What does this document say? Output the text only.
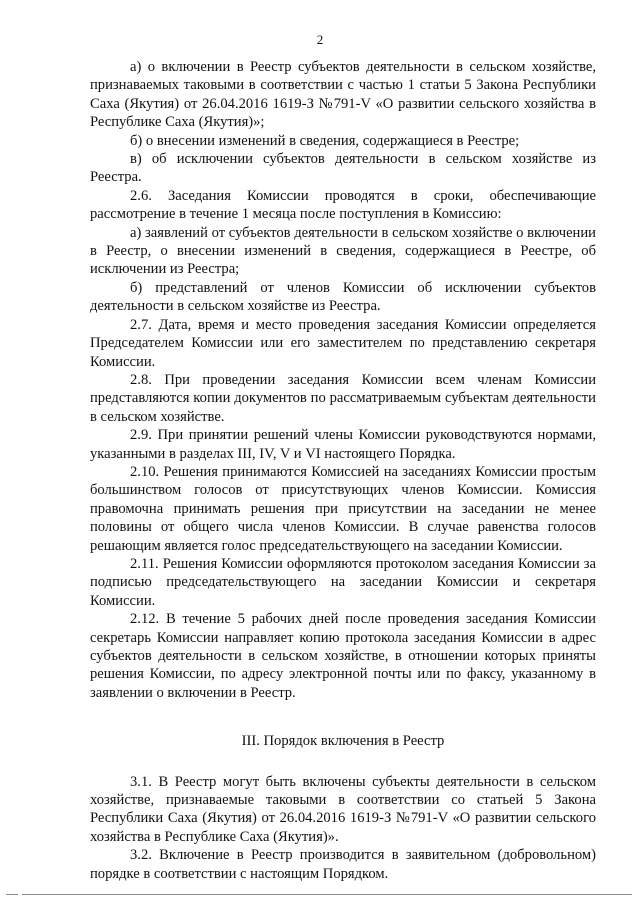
2

а) о включении в Реестр субъектов деятельности в сельском хозяйстве, признаваемых таковыми в соответствии с частью 1 статьи 5 Закона Республики Саха (Якутия) от 26.04.2016 1619-З №791-V «О развитии сельского хозяйства в Республике Саха (Якутия)»;

б) о внесении изменений в сведения, содержащиеся в Реестре;

в) об исключении субъектов деятельности в сельском хозяйстве из Реестра.

2.6. Заседания Комиссии проводятся в сроки, обеспечивающие рассмотрение в течение 1 месяца после поступления в Комиссию:

а) заявлений от субъектов деятельности в сельском хозяйстве о включении в Реестр, о внесении изменений в сведения, содержащиеся в Реестре, об исключении из Реестра;

б) представлений от членов Комиссии об исключении субъектов деятельности в сельском хозяйстве из Реестра.

2.7. Дата, время и место проведения заседания Комиссии определяется Председателем Комиссии или его заместителем по представлению секретаря Комиссии.

2.8. При проведении заседания Комиссии всем членам Комиссии представляются копии документов по рассматриваемым субъектам деятельности в сельском хозяйстве.

2.9. При принятии решений члены Комиссии руководствуются нормами, указанными в разделах III, IV, V и VI настоящего Порядка.

2.10. Решения принимаются Комиссией на заседаниях Комиссии простым большинством голосов от присутствующих членов Комиссии. Комиссия правомочна принимать решения при присутствии на заседании не менее половины от общего числа членов Комиссии. В случае равенства голосов решающим является голос председательствующего на заседании Комиссии.

2.11. Решения Комиссии оформляются протоколом заседания Комиссии за подписью председательствующего на заседании Комиссии и секретаря Комиссии.

2.12. В течение 5 рабочих дней после проведения заседания Комиссии секретарь Комиссии направляет копию протокола заседания Комиссии в адрес субъектов деятельности в сельском хозяйстве, в отношении которых приняты решения Комиссии, по адресу электронной почты или по факсу, указанному в заявлении о включении в Реестр.

III. Порядок включения в Реестр

3.1. В Реестр могут быть включены субъекты деятельности в сельском хозяйстве, признаваемые таковыми в соответствии со статьей 5 Закона Республики Саха (Якутия) от 26.04.2016 1619-З №791-V «О развитии сельского хозяйства в Республике Саха (Якутия)».

3.2. Включение в Реестр производится в заявительном (добровольном) порядке в соответствии с настоящим Порядком.
